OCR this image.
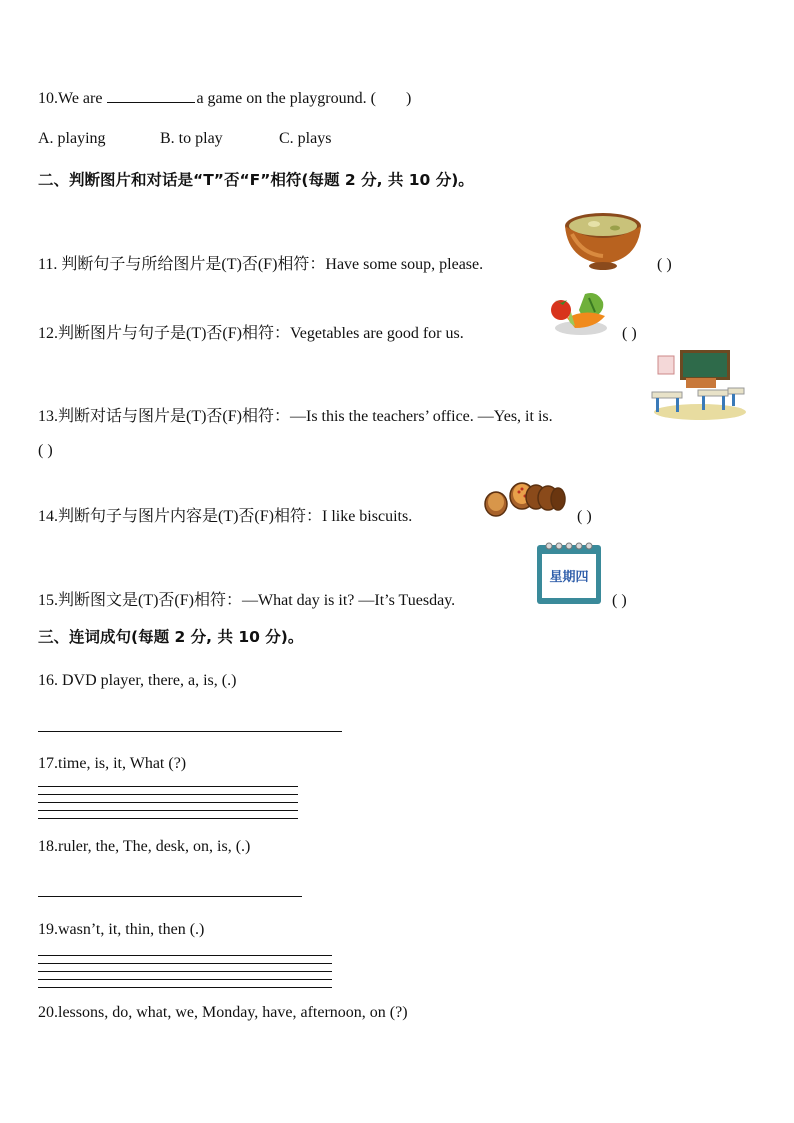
10.We are	a game on the playground. ( )
A. playing	B. to play	C. plays
二、判断图片和对话是“T”否“F”相符(每题 2 分, 共 10 分)。
11. 判断句子与所给图片是(T)否(F)相符：Have some soup, please.	( )
12.判断图片与句子是(T)否(F)相符：Vegetables are good for us.	( )
13.判断对话与图片是(T)否(F)相符：—Is this the teachers’ office. —Yes, it is.
( )
14.判断句子与图片内容是(T)否(F)相符：I like biscuits.	( )
15.判断图文是(T)否(F)相符：—What day is it? —It’s Tuesday.
星期四
( )
三、连词成句(每题 2 分, 共 10 分)。
16. DVD player, there, a, is, (.)
17.time, is, it, What (?)
18.ruler, the, The, desk, on, is, (.)
19.wasn’t, it, thin, then (.)
20.lessons, do, what, we, Monday, have, afternoon, on (?)
